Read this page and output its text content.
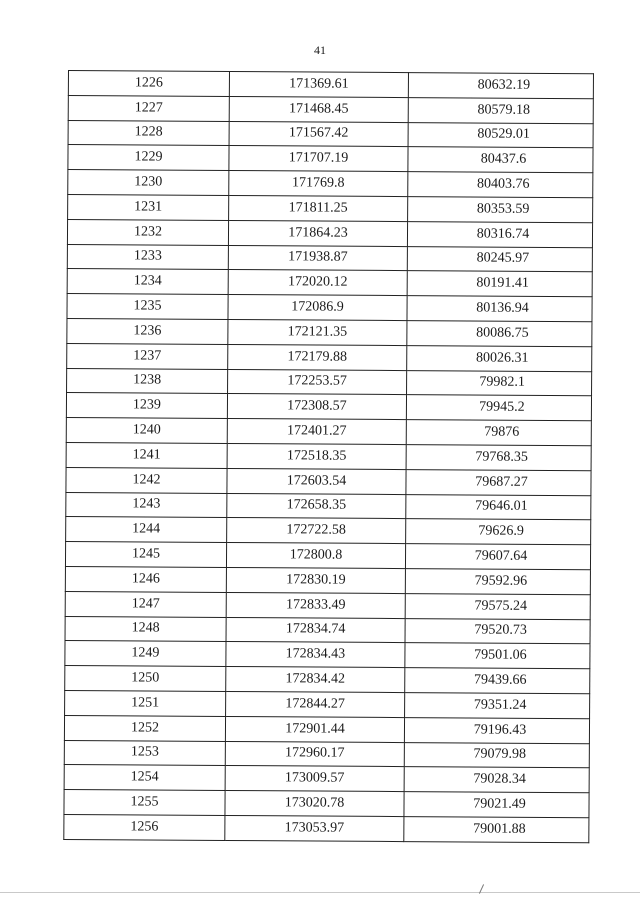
41
1226	171369.61	80632.19
1227	171468.45	80579.18
1228	171567.42	80529.01
1229	171707.19	80437.6
1230	171769.8	80403.76
1231	171811.25	80353.59
1232	171864.23	80316.74
1233	171938.87	80245.97
1234	172020.12	80191.41
1235	172086.9	80136.94
1236	172121.35	80086.75
1237	172179.88	80026.31
1238	172253.57	79982.1
1239	172308.57	79945.2
1240	172401.27	79876
1241	172518.35	79768.35
1242	172603.54	79687.27
1243	172658.35	79646.01
1244	172722.58	79626.9
1245	172800.8	79607.64
1246	172830.19	79592.96
1247	172833.49	79575.24
1248	172834.74	79520.73
1249	172834.43	79501.06
1250	172834.42	79439.66
1251	172844.27	79351.24
1252	172901.44	79196.43
1253	172960.17	79079.98
1254	173009.57	79028.34
1255	173020.78	79021.49
1256	173053.97	79001.88
